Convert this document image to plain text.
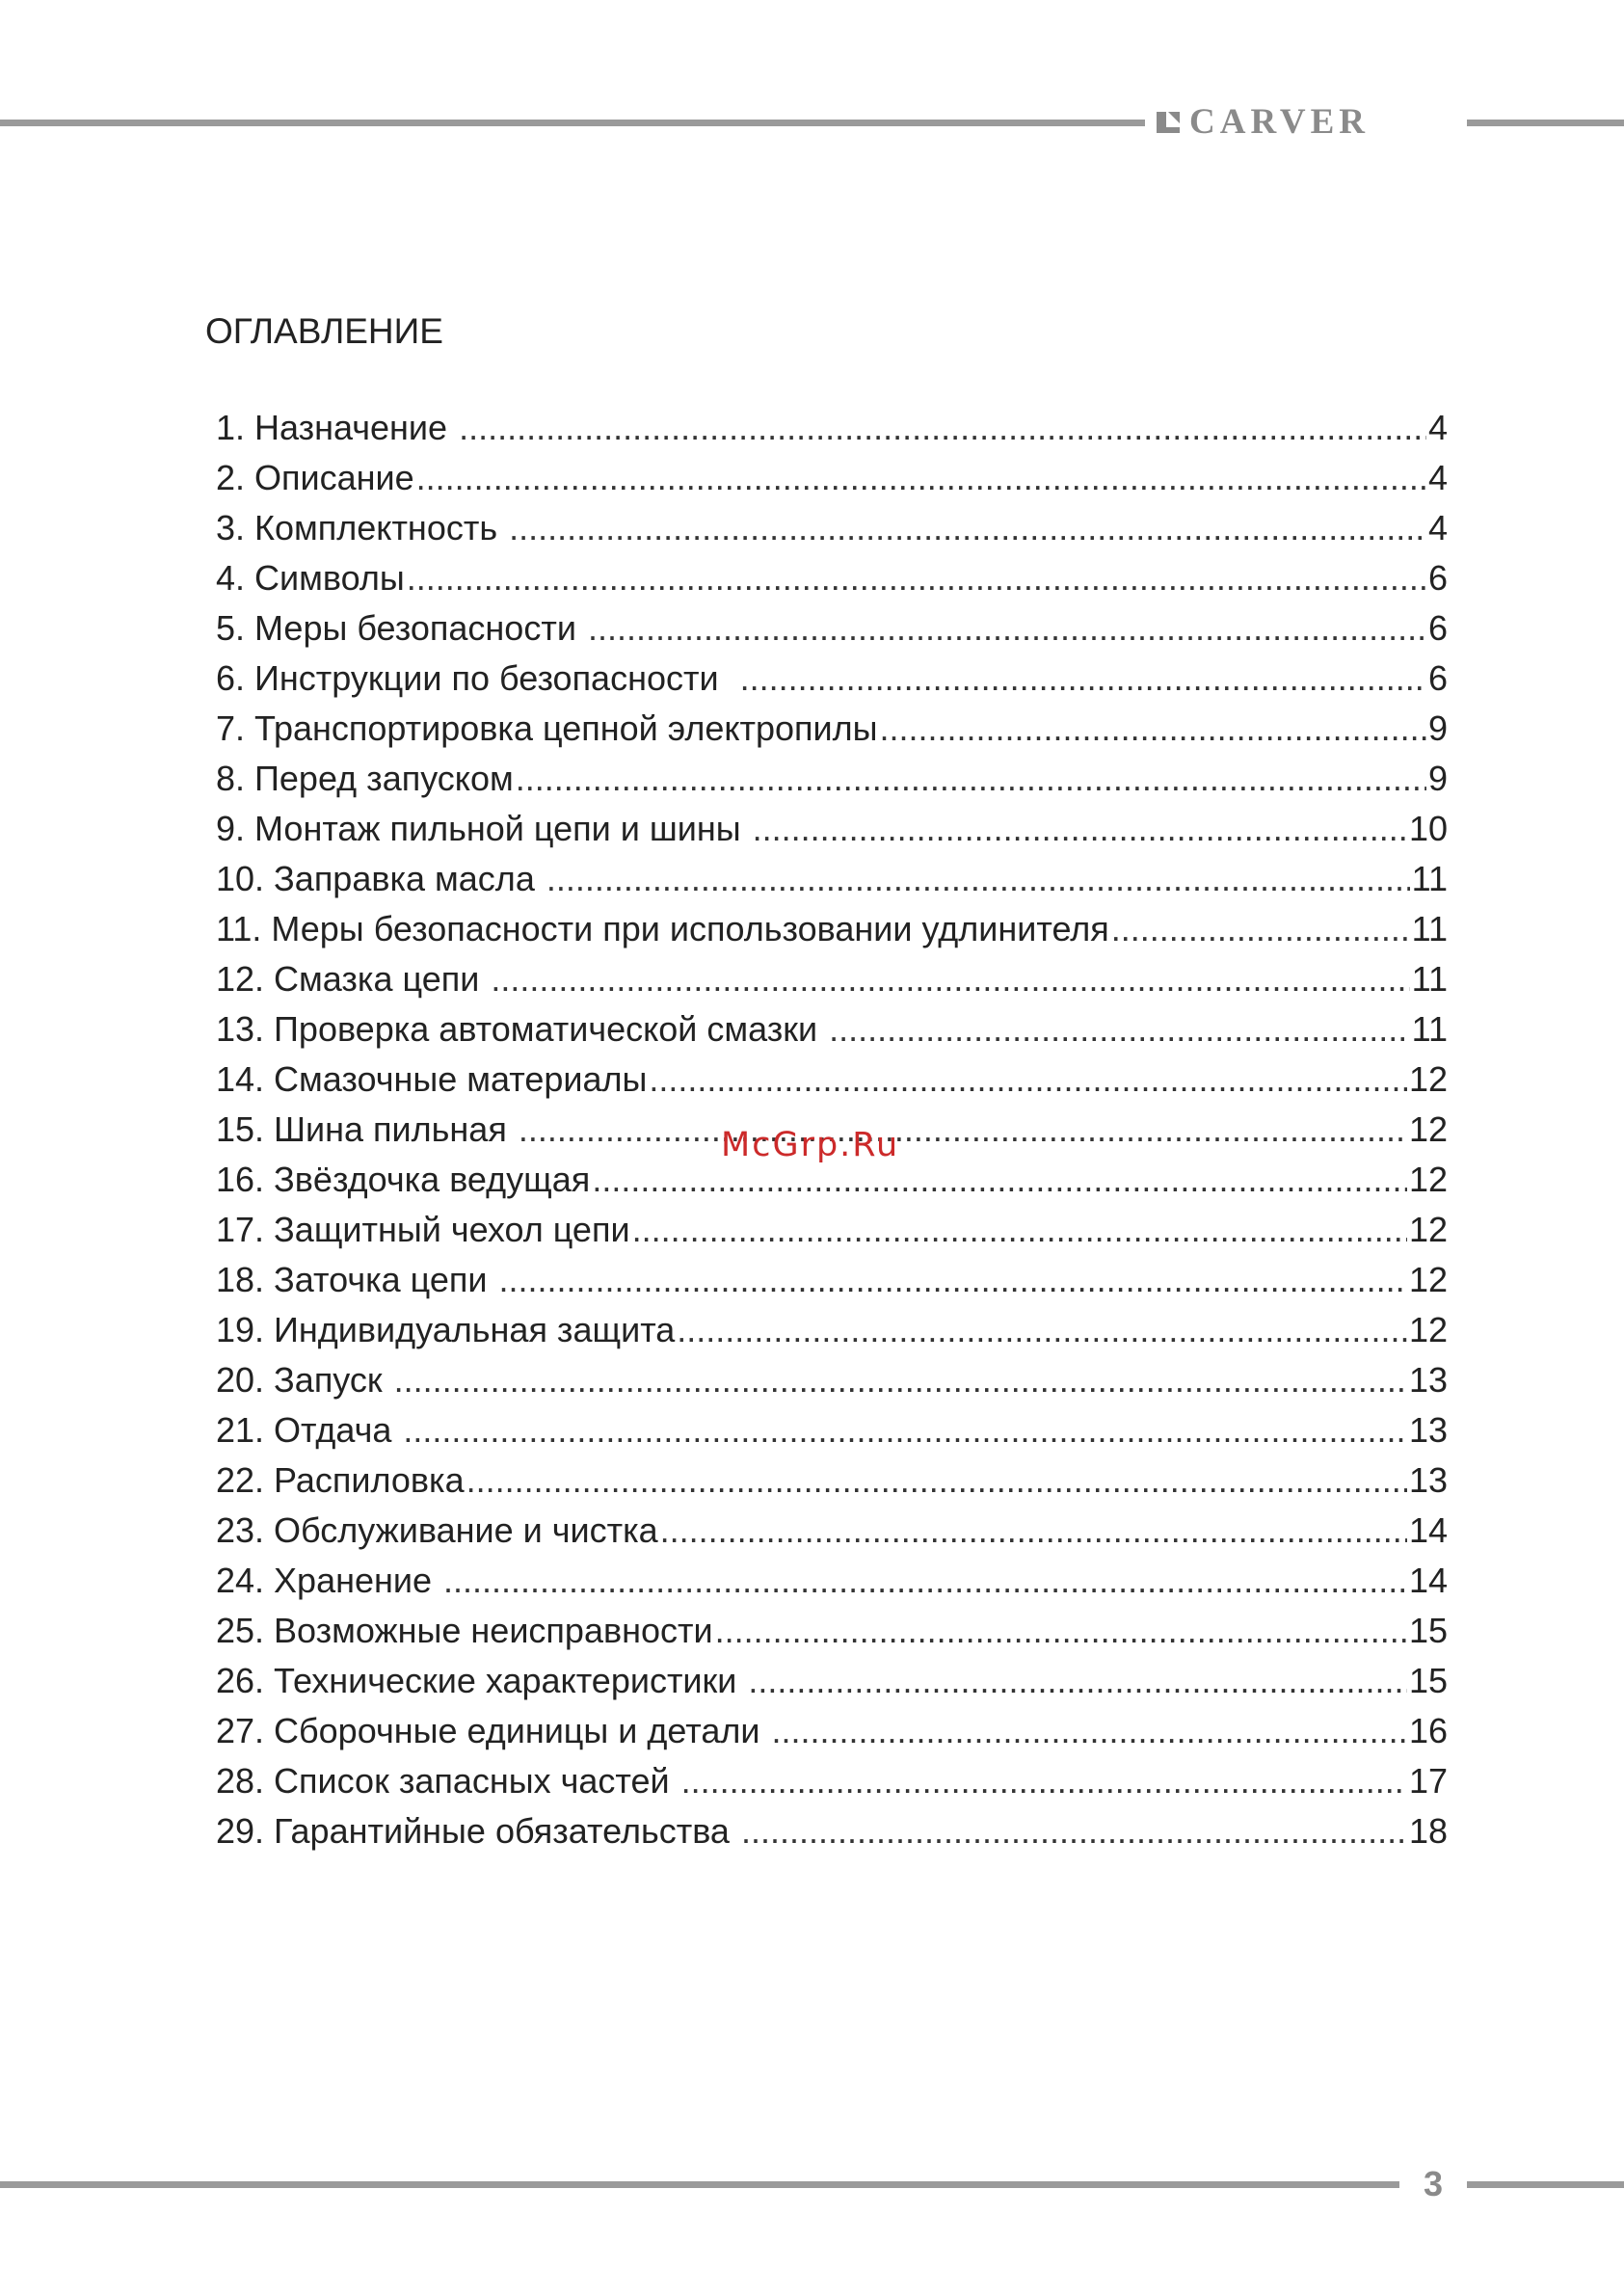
CARVER
ОГЛАВЛЕНИЕ
1. Назначение .....	4
2. Описание .....	4
3. Комплектность .....	4
4. Символы .....	6
5. Меры безопасности .....	6
6. Инструкции по безопасности .....	6
7. Транспортировка цепной электропилы .....	9
8. Перед запуском .....	9
9. Монтаж пильной цепи и шины .....	10
10. Заправка масла .....	11
11. Меры безопасности при использовании удлинителя .....	11
12. Смазка цепи .....	11
13. Проверка автоматической смазки .....	11
14. Смазочные материалы .....	12
15. Шина пильная .....	12
16. Звёздочка ведущая .....	12
17. Защитный чехол цепи .....	12
18. Заточка цепи .....	12
19. Индивидуальная защита .....	12
20. Запуск .....	13
21. Отдача .....	13
22. Распиловка .....	13
23. Обслуживание и чистка .....	14
24. Хранение .....	14
25. Возможные неисправности .....	15
26. Технические характеристики .....	15
27. Сборочные единицы и детали .....	16
28. Список запасных частей .....	17
29. Гарантийные обязательства .....	18
McGrp.Ru
3
